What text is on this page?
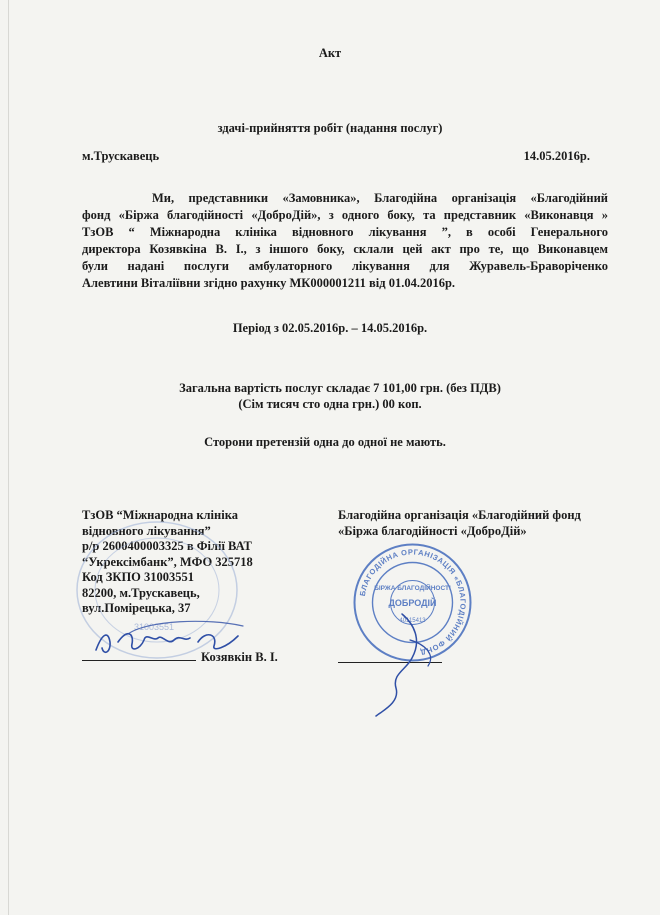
Акт
здачі-прийняття робіт (надання послуг)
м.Трускавець	14.05.2016р.
Ми, представники «Замовника», Благодійна організація «Благодійний
фонд «Біржа благодійності «ДоброДій», з одного боку, та представник «Виконавця »
ТзОВ “ Міжнародна клініка відновного лікування ”, в особі Генерального
директора Козявкіна В. І., з іншого боку, склали цей акт про те, що Виконавцем
були надані послуги амбулаторного лікування для Журавель-Браворіченко
Алевтини Віталіївни згідно рахунку МК000001211 від 01.04.2016р.
Період з 02.05.2016р. – 14.05.2016р.
Загальна вартість послуг складає 7 101,00 грн. (без ПДВ)
(Сім тисяч сто одна грн.) 00 коп.
Сторони претензій одна до одної не мають.
ТзОВ “Міжнародна клініка
відновного лікування”
р/р 2600400003325 в Філії ВАТ
“Укрексімбанк”, МФО 325718
Код ЗКПО 31003551
82200, м.Трускавець,
вул.Помірецька, 37
Благодійна організація «Благодійний фонд
«Біржа благодійності «ДоброДій»
31003551
Козявкін В. І.
БЛАГОДІЙНА ОРГАНІЗАЦІЯ «БЛАГОДІЙНИЙ ФОНД
БІРЖА БЛАГОДІЙНОСТІ
ДОБРОДІЙ
40115413
